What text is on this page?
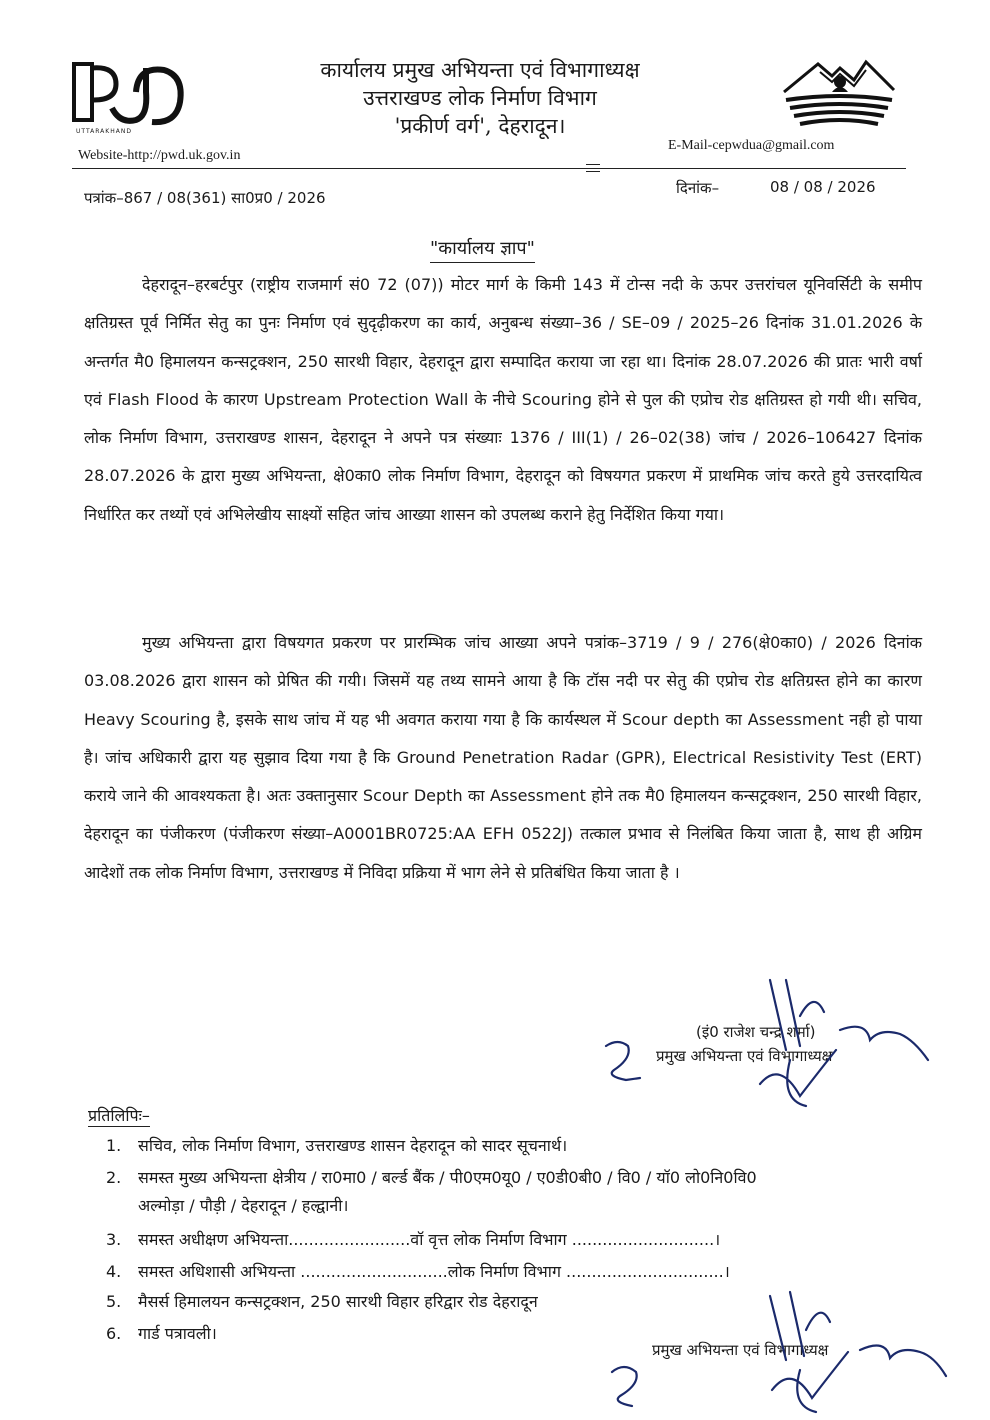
UTTARAKHAND
कार्यालय प्रमुख अभियन्ता एवं विभागाध्यक्ष
उत्तराखण्ड लोक निर्माण विभाग
'प्रकीर्ण वर्ग', देहरादून।
Website-http://pwd.uk.gov.in
E-Mail-cepwdua@gmail.com
पत्रांक–867 / 08(361) सा0प्र0 / 2026
दिनांक–	08 / 08 / 2026
"कार्यालय ज्ञाप"
देहरादून–हरबर्टपुर (राष्ट्रीय राजमार्ग सं0 72 (07)) मोटर मार्ग के किमी 143 में टोन्स नदी के ऊपर उत्तरांचल यूनिवर्सिटी के समीप क्षतिग्रस्त पूर्व निर्मित सेतु का पुनः निर्माण एवं सुदृढ़ीकरण का कार्य, अनुबन्ध संख्या–36 / SE–09 / 2025–26 दिनांक 31.01.2026 के अन्तर्गत मै0 हिमालयन कन्सट्रक्शन, 250 सारथी विहार, देहरादून द्वारा सम्पादित कराया जा रहा था। दिनांक 28.07.2026 की प्रातः भारी वर्षा एवं Flash Flood के कारण Upstream Protection Wall के नीचे Scouring होने से पुल की एप्रोच रोड क्षतिग्रस्त हो गयी थी। सचिव, लोक निर्माण विभाग, उत्तराखण्ड शासन, देहरादून ने अपने पत्र संख्याः 1376 / III(1) / 26–02(38) जांच / 2026–106427 दिनांक 28.07.2026 के द्वारा मुख्य अभियन्ता, क्षे0का0 लोक निर्माण विभाग, देहरादून को विषयगत प्रकरण में प्राथमिक जांच करते हुये उत्तरदायित्व निर्धारित कर तथ्यों एवं अभिलेखीय साक्ष्यों सहित जांच आख्या शासन को उपलब्ध कराने हेतु निर्देशित किया गया।
मुख्य अभियन्ता द्वारा विषयगत प्रकरण पर प्रारम्भिक जांच आख्या अपने पत्रांक–3719 / 9 / 276(क्षे0का0) / 2026 दिनांक 03.08.2026 द्वारा शासन को प्रेषित की गयी। जिसमें यह तथ्य सामने आया है कि टॉस नदी पर सेतु की एप्रोच रोड क्षतिग्रस्त होने का कारण Heavy Scouring है, इसके साथ जांच में यह भी अवगत कराया गया है कि कार्यस्थल में Scour depth का Assessment नही हो पाया है। जांच अधिकारी द्वारा यह सुझाव दिया गया है कि Ground Penetration Radar (GPR), Electrical Resistivity Test (ERT) कराये जाने की आवश्यकता है। अतः उक्तानुसार Scour Depth का Assessment होने तक मै0 हिमालयन कन्सट्रक्शन, 250 सारथी विहार, देहरादून का पंजीकरण (पंजीकरण संख्या–A0001BR0725:AA EFH 0522J) तत्काल प्रभाव से निलंबित किया जाता है, साथ ही अग्रिम आदेशों तक लोक निर्माण विभाग, उत्तराखण्ड में निविदा प्रक्रिया में भाग लेने से प्रतिबंधित किया जाता है ।
(इं0 राजेश चन्द्र शर्मा)
प्रमुख अभियन्ता एवं विभागाध्यक्ष
प्रतिलिपिः–
1. सचिव, लोक निर्माण विभाग, उत्तराखण्ड शासन देहरादून को सादर सूचनार्थ।
2. समस्त मुख्य अभियन्ता क्षेत्रीय / रा0मा0 / बर्ल्ड बैंक / पी0एम0यू0 / ए0डी0बी0 / वि0 / यॉ0 लो0नि0वि0
अल्मोड़ा / पौड़ी / देहरादून / हल्द्वानी।
3. समस्त अधीक्षण अभियन्ता........................वॉ वृत्त लोक निर्माण विभाग ............................।
4. समस्त अधिशासी अभियन्ता .............................लोक निर्माण विभाग ...............................।
5. मैसर्स हिमालयन कन्सट्रक्शन, 250 सारथी विहार हरिद्वार रोड देहरादून
6. गार्ड पत्रावली।
प्रमुख अभियन्ता एवं विभागाध्यक्ष
